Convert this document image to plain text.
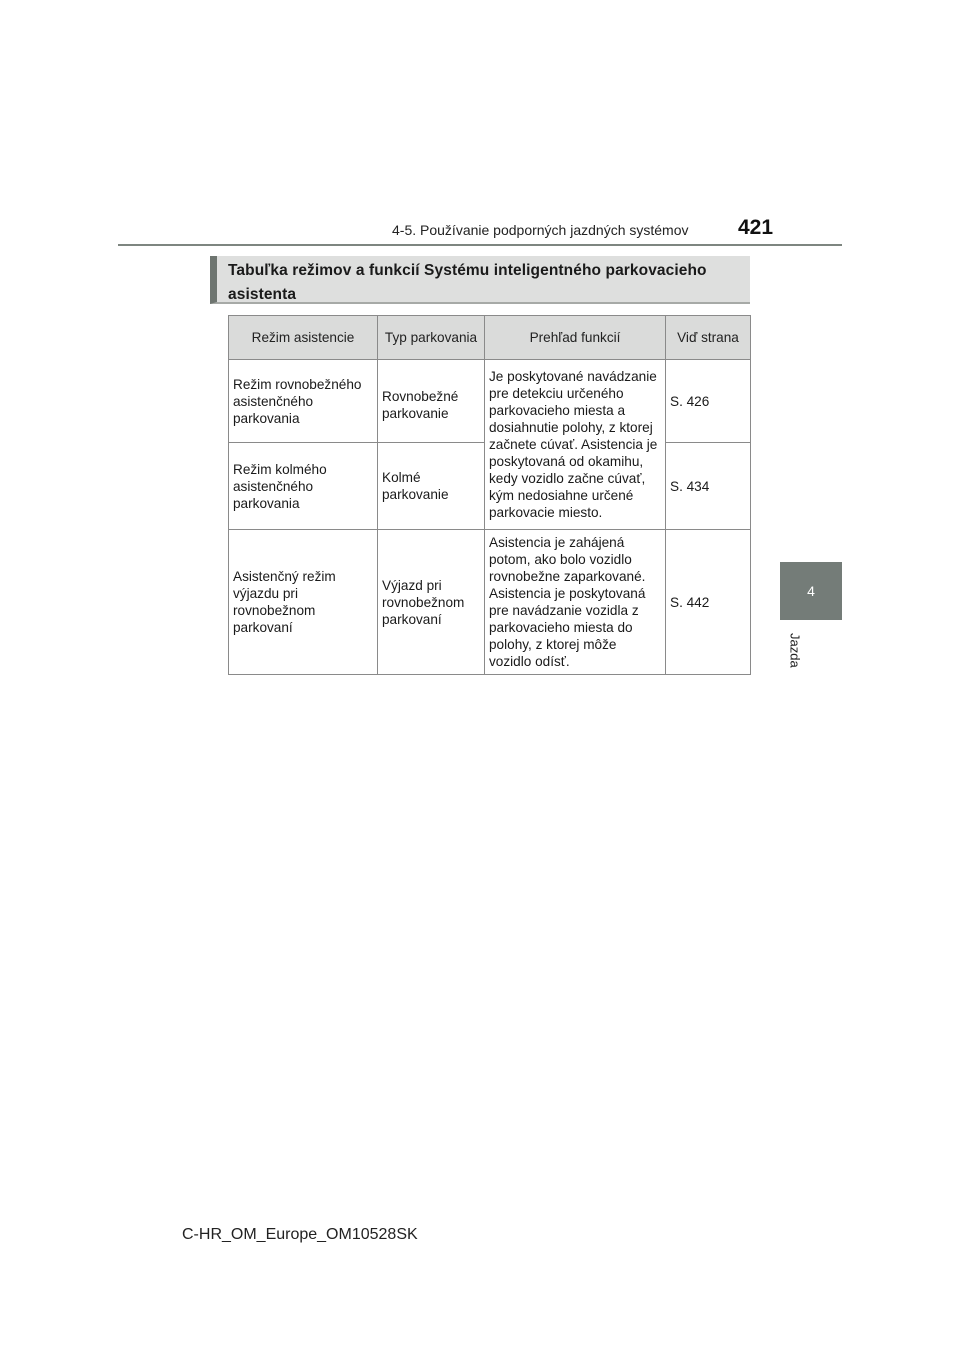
4-5. Používanie podporných jazdných systémov	421
4
Jazda
Tabuľka režimov a funkcií Systému inteligentného parkovacieho asistenta
Režim asistencie	Typ parkovania	Prehľad funkcií	Viď strana
Režim rovnobežného asistenčného parkovania	Rovnobežné parkovanie	Je poskytované navádzanie pre detekciu určeného parkovacieho miesta a dosiahnutie polohy, z ktorej začnete cúvať. Asistencia je poskytovaná od okamihu, kedy vozidlo začne cúvať, kým nedosiahne určené parkovacie miesto.	S. 426
Režim kolmého asistenčného parkovania	Kolmé parkovanie		S. 434
Asistenčný režim výjazdu pri rovnobežnom parkovaní	Výjazd pri rovnobežnom parkovaní	Asistencia je zahájená potom, ako bolo vozidlo rovnobežne zaparkované. Asistencia je poskytovaná pre navádzanie vozidla z parkovacieho miesta do polohy, z ktorej môže vozidlo odísť.	S. 442
C-HR_OM_Europe_OM10528SK
